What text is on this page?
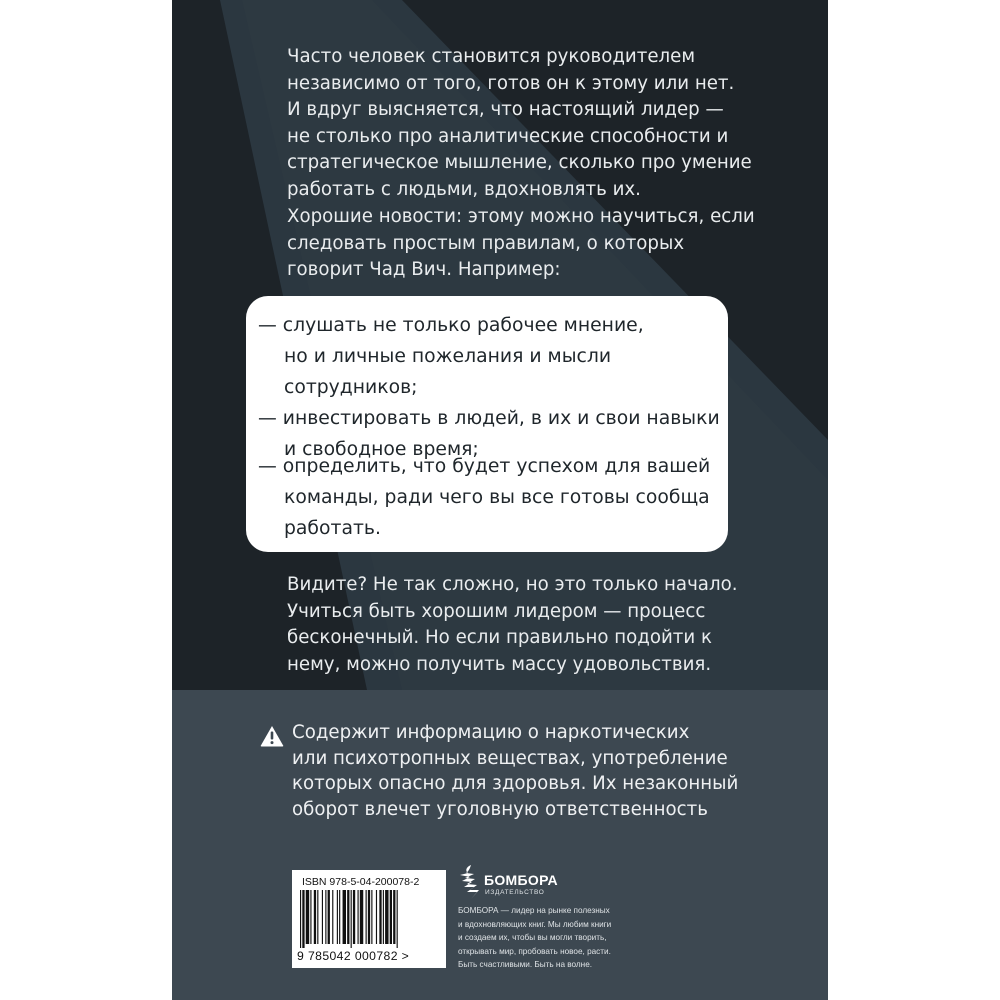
Часто человек становится руководителем
независимо от того, готов он к этому или нет.
И вдруг выясняется, что настоящий лидер —
не столько про аналитические способности и
стратегическое мышление, сколько про умение
работать с людьми, вдохновлять их.

Хорошие новости: этому можно научиться, если
следовать простым правилам, о которых
говорит Чад Вич. Например:

— слушать не только рабочее мнение,
но и личные пожелания и мысли
сотрудников;

— инвестировать в людей, в их и свои навыки
и свободное время;

— определить, что будет успехом для вашей
команды, ради чего вы все готовы сообща
работать.

Видите? Не так сложно, но это только начало.
Учиться быть хорошим лидером — процесс
бесконечный. Но если правильно подойти к
нему, можно получить массу удовольствия.

Содержит информацию о наркотических
или психотропных веществах, употребление
которых опасно для здоровья. Их незаконный
оборот влечет уголовную ответственность

ISBN 978-5-04-200078-2
9 785042 000782 >
БОМБОРА
ИЗДАТЕЛЬСТВО

БОМБОРА — лидер на рынке полезных
и вдохновляющих книг. Мы любим книги
и создаем их, чтобы вы могли творить,
открывать мир, пробовать новое, расти.
Быть счастливыми. Быть на волне.
